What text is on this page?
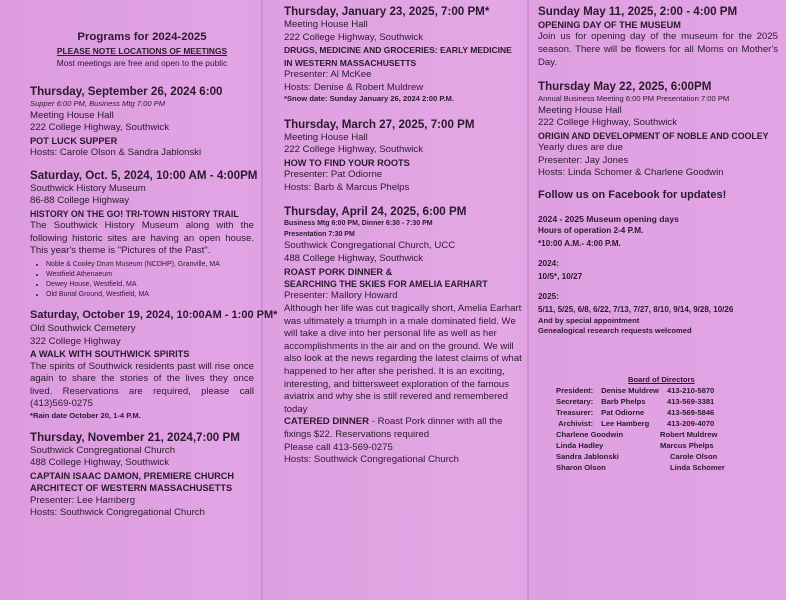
Programs for 2024-2025
PLEASE NOTE LOCATIONS OF MEETINGS
Most meetings are free and open to the public
Thursday, September 26, 2024 6:00
Supper 6:00 PM, Business Mtg 7:00 PM
Meeting House Hall
222 College Highway, Southwick
POT LUCK SUPPER
Hosts: Carole Olson & Sandra Jablonski
Saturday, Oct. 5, 2024, 10:00 AM - 4:00PM
Southwick History Museum
86-88 College Highway
HISTORY ON THE GO! TRI-TOWN HISTORY TRAIL
The Southwick History Museum along with the following historic sites are having an open house. This year's theme is "Pictures of the Past".
• Noble & Cooley Drum Museum (NCDHP), Granville, MA
• Westfield Athenaeum
• Dewey House, Westfield, MA
• Old Burial Ground, Westfield, MA
Saturday, October 19, 2024, 10:00AM - 1:00 PM*
Old Southwick Cemetery
322 College Highway
A WALK WITH SOUTHWICK SPIRITS
The spirits of Southwick residents past will rise once again to share the stories of the lives they once lived. Reservations are required, please call (413)569-0275
*Rain date October 20, 1-4 P.M.
Thursday, November 21, 2024,7:00 PM
Southwick Congregational Church
488 College Highway, Southwick
CAPTAIN ISAAC DAMON, PREMIERE CHURCH
ARCHITECT OF WESTERN MASSACHUSETTS
Presenter: Lee Hamberg
Hosts: Southwick Congregational Church
Thursday, January 23, 2025, 7:00 PM*
Meeting House Hall
222 College Highway, Southwick
DRUGS, MEDICINE AND GROCERIES: EARLY MEDICINE
IN WESTERN MASSACHUSETTS
Presenter: Al McKee
Hosts: Denise & Robert Muldrew
*Snow date: Sunday January 26, 2024 2:00 P.M.
Thursday, March 27, 2025, 7:00 PM
Meeting House Hall
222 College Highway, Southwick
HOW TO FIND YOUR ROOTS
Presenter: Pat Odiorne
Hosts: Barb & Marcus Phelps
Thursday, April 24, 2025, 6:00 PM
Business Mtg 6:00 PM, Dinner 6:30 - 7:30 PM
Presentation 7:30 PM
Southwick Congregational Church, UCC
488 College Highway, Southwick
ROAST PORK DINNER &
SEARCHING THE SKIES FOR AMELIA EARHART
Presenter: Mallory Howard
Although her life was cut tragically short, Amelia Earhart was ultimately a triumph in a male dominated field. We will take a dive into her personal life as well as her accomplishments in the air and on the ground. We will also look at the news regarding the latest claims of what happened to her after she perished. It is an exciting, interesting, and bittersweet exploration of the famous aviatrix and why she is still revered and remembered today
CATERED DINNER - Roast Pork dinner with all the fixings $22. Reservations required
Please call 413-569-0275
Hosts: Southwick Congregational Church
Sunday May 11, 2025, 2:00 - 4:00 PM
OPENING DAY OF THE MUSEUM
Join us for opening day of the museum for the 2025 season. There will be flowers for all Moms on Mother's Day.
Thursday May 22, 2025, 6:00PM
Annual Business Meeting 6:00 PM Presentation 7:00 PM
Meeting House Hall
222 College Highway, Southwick
ORIGIN AND DEVELOPMENT OF NOBLE AND COOLEY
Yearly dues are due
Presenter: Jay Jones
Hosts: Linda Schomer & Charlene Goodwin
Follow us on Facebook for updates!
2024 - 2025 Museum opening days
Hours of operation 2-4 P.M.
*10:00 A.M.- 4:00 P.M.
2024:
10/5*, 10/27
2025:
5/11, 5/25, 6/8, 6/22, 7/13, 7/27, 8/10, 9/14, 9/28, 10/26
And by special appointment
Genealogical research requests welcomed
Board of Directors
President:	Denise Muldrew	413-210-5870
Secretary:	Barb Phelps	413-569-3381
Treasurer:	Pat Odiorne	413-569-5846
Archivist:	Lee Hamberg	413-209-4070
Charlene Goodwin	Robert Muldrew
Linda Hadley	Marcus Phelps
Sandra Jablonski	Carole Olson
Sharon Olson	Linda Schomer
